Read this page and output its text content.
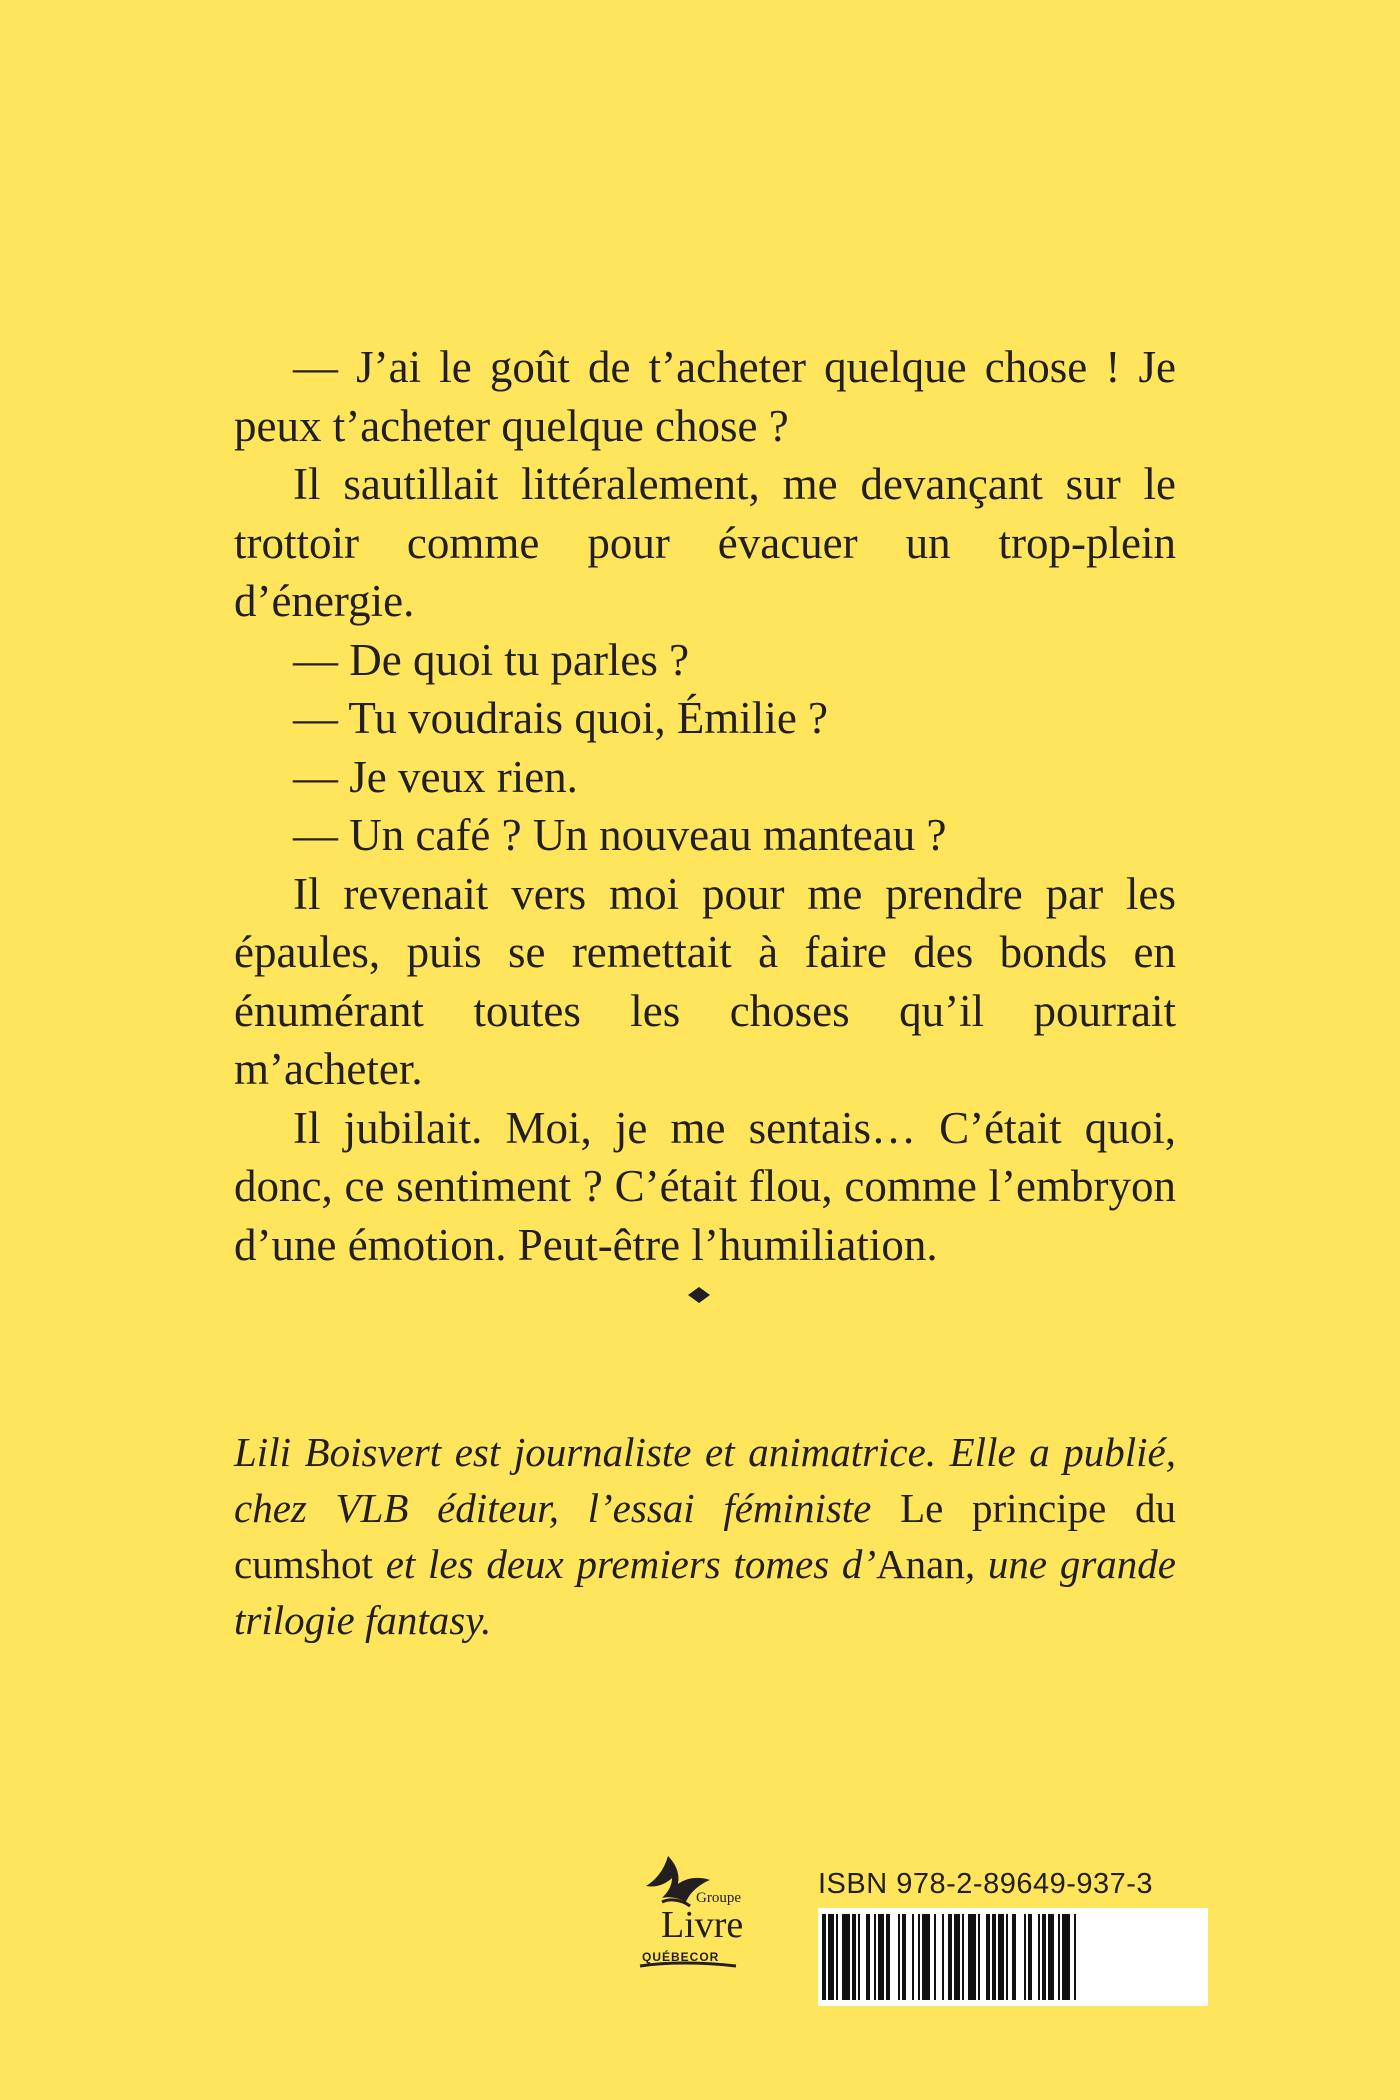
— J’ai le goût de t’acheter quelque chose ! Je peux t’acheter quelque chose ?

Il sautillait littéralement, me devançant sur le trottoir comme pour évacuer un trop-plein d’énergie.

— De quoi tu parles ?

— Tu voudrais quoi, Émilie ?

— Je veux rien.

— Un café ? Un nouveau manteau ?

Il revenait vers moi pour me prendre par les épaules, puis se remettait à faire des bonds en énumérant toutes les choses qu’il pourrait m’acheter.

Il jubilait. Moi, je me sentais… C’était quoi, donc, ce sentiment ? C’était flou, comme l’embryon d’une émotion. Peut-être l’humiliation.

Lili Boisvert est journaliste et animatrice. Elle a publié, chez VLB éditeur, l’essai féministe Le principe du cumshot et les deux premiers tomes d’Anan, une grande trilogie fantasy.
Groupe
Livre
QUÉBECOR
ISBN 978-2-89649-937-3
